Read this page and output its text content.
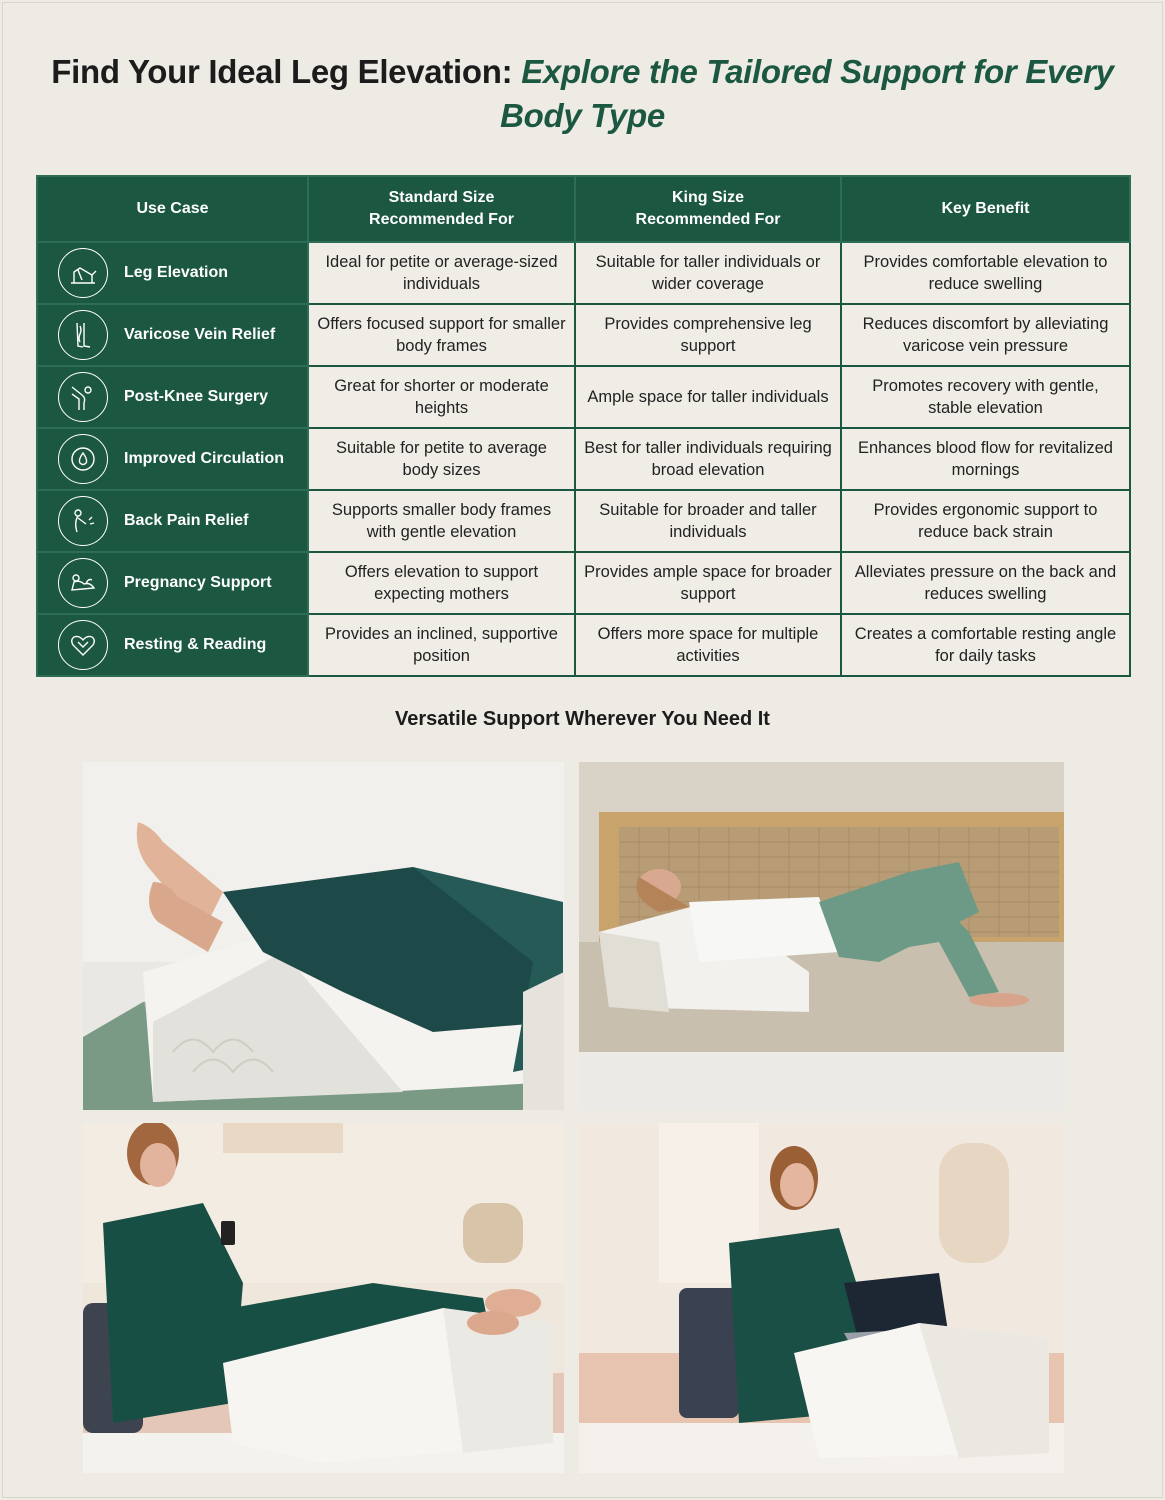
Find Your Ideal Leg Elevation: Explore the Tailored Support for Every Body Type
Use Case	Standard Size Recommended For	King Size Recommended For	Key Benefit

Leg Elevation	Ideal for petite or average-sized individuals	Suitable for taller individuals or wider coverage	Provides comfortable elevation to reduce swelling

Varicose Vein Relief	Offers focused support for smaller body frames	Provides comprehensive leg support	Reduces discomfort by alleviating varicose vein pressure

Post-Knee Surgery	Great for shorter or moderate heights	Ample space for taller individuals	Promotes recovery with gentle, stable elevation

Improved Circulation	Suitable for petite to average body sizes	Best for taller individuals requiring broad elevation	Enhances blood flow for revitalized mornings

Back Pain Relief	Supports smaller body frames with gentle elevation	Suitable for broader and taller individuals	Provides ergonomic support to reduce back strain

Pregnancy Support	Offers elevation to support expecting mothers	Provides ample space for broader support	Alleviates pressure on the back and reduces swelling

Resting & Reading	Provides an inclined, supportive position	Offers more space for multiple activities	Creates a comfortable resting angle for daily tasks
Versatile Support Wherever You Need It
